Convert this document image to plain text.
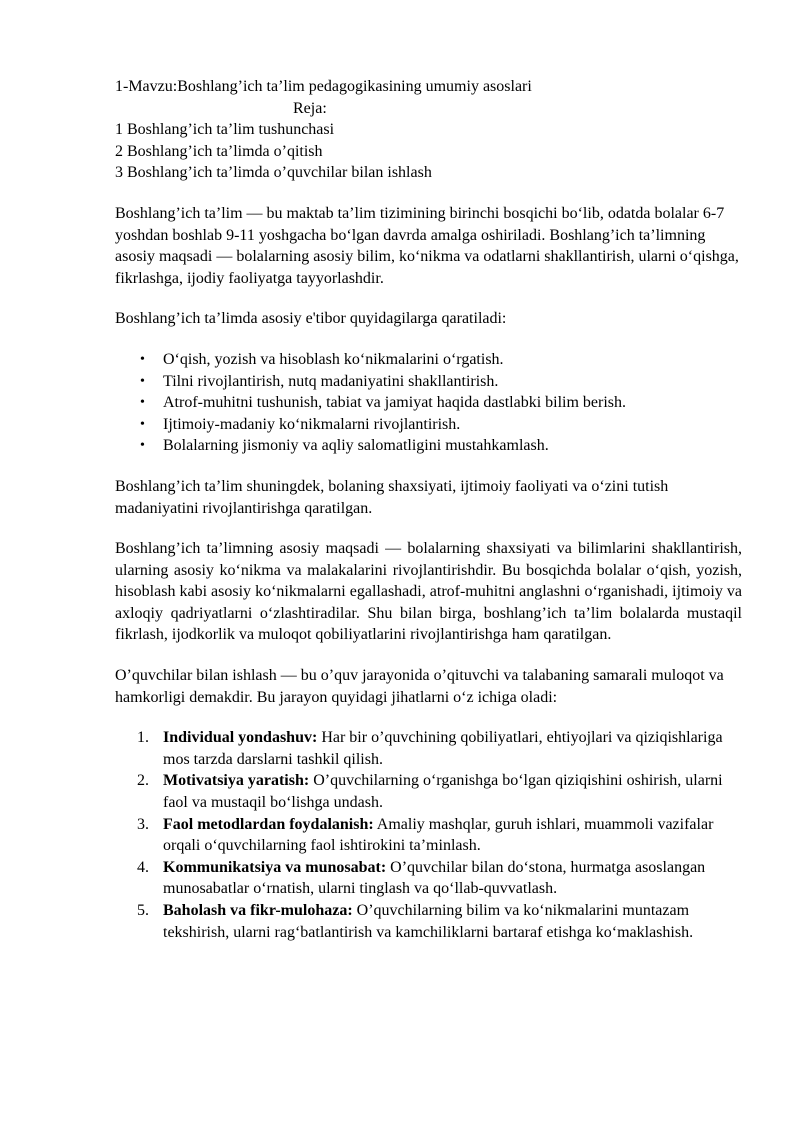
1-Mavzu:Boshlang’ich ta’lim pedagogikasining umumiy asoslari

Reja:

1 Boshlang’ich ta’lim tushunchasi
2 Boshlang’ich ta’limda o’qitish
3 Boshlang’ich ta’limda o’quvchilar bilan ishlash

Boshlang’ich ta’lim — bu maktab ta’lim tizimining birinchi bosqichi bo‘lib, odatda bolalar 6-7 yoshdan boshlab 9-11 yoshgacha bo‘lgan davrda amalga oshiriladi. Boshlang’ich ta’limning asosiy maqsadi — bolalarning asosiy bilim, ko‘nikma va odatlarni shakllantirish, ularni o‘qishga, fikrlashga, ijodiy faoliyatga tayyorlashdir.

Boshlang’ich ta’limda asosiy e'tibor quyidagilarga qaratiladi:

• O‘qish, yozish va hisoblash ko‘nikmalarini o‘rgatish.
• Tilni rivojlantirish, nutq madaniyatini shakllantirish.
• Atrof-muhitni tushunish, tabiat va jamiyat haqida dastlabki bilim berish.
• Ijtimoiy-madaniy ko‘nikmalarni rivojlantirish.
• Bolalarning jismoniy va aqliy salomatligini mustahkamlash.

Boshlang’ich ta’lim shuningdek, bolaning shaxsiyati, ijtimoiy faoliyati va o‘zini tutish madaniyatini rivojlantirishga qaratilgan.

Boshlang’ich ta’limning asosiy maqsadi — bolalarning shaxsiyati va bilimlarini shakllantirish, ularning asosiy ko‘nikma va malakalarini rivojlantirishdir. Bu bosqichda bolalar o‘qish, yozish, hisoblash kabi asosiy ko‘nikmalarni egallashadi, atrof-muhitni anglashni o‘rganishadi, ijtimoiy va axloqiy qadriyatlarni o‘zlashtiradilar. Shu bilan birga, boshlang’ich ta’lim bolalarda mustaqil fikrlash, ijodkorlik va muloqot qobiliyatlarini rivojlantirishga ham qaratilgan.

O’quvchilar bilan ishlash — bu o’quv jarayonida o’qituvchi va talabaning samarali muloqot va hamkorligi demakdir. Bu jarayon quyidagi jihatlarni o‘z ichiga oladi:

1. Individual yondashuv: Har bir o’quvchining qobiliyatlari, ehtiyojlari va qiziqishlariga mos tarzda darslarni tashkil qilish.
2. Motivatsiya yaratish: O’quvchilarning o‘rganishga bo‘lgan qiziqishini oshirish, ularni faol va mustaqil bo‘lishga undash.
3. Faol metodlardan foydalanish: Amaliy mashqlar, guruh ishlari, muammoli vazifalar orqali o‘quvchilarning faol ishtirokini ta’minlash.
4. Kommunikatsiya va munosabat: O’quvchilar bilan do‘stona, hurmatga asoslangan munosabatlar o‘rnatish, ularni tinglash va qo‘llab-quvvatlash.
5. Baholash va fikr-mulohaza: O’quvchilarning bilim va ko‘nikmalarini muntazam tekshirish, ularni rag‘batlantirish va kamchiliklarni bartaraf etishga ko‘maklashish.
